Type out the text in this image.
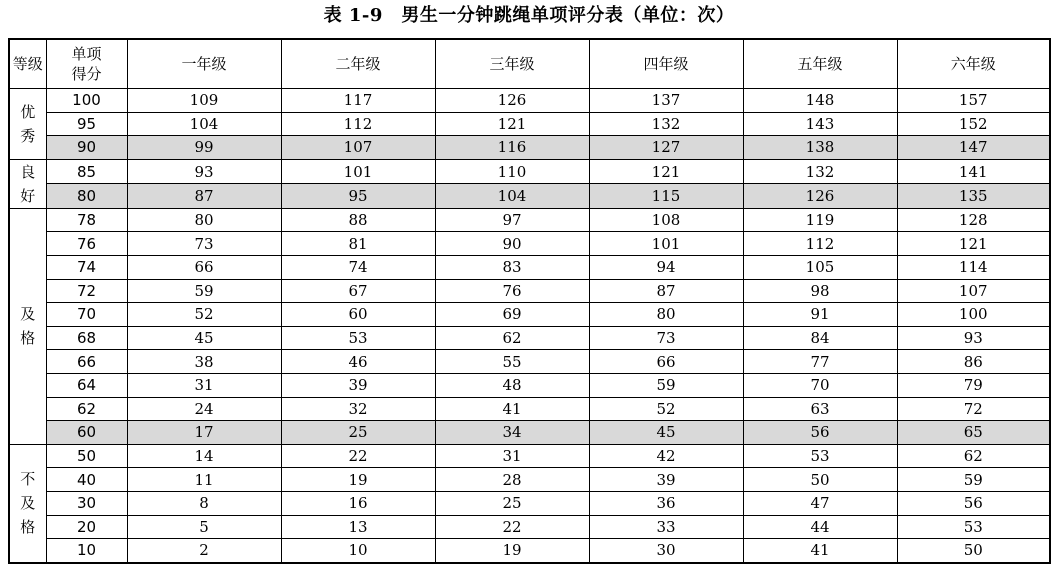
表 1-9　男生一分钟跳绳单项评分表（单位：次）
等级	单项
得分	一年级	二年级	三年级	四年级	五年级	六年级
优
秀	100	109	117	126	137	148	157
	95	104	112	121	132	143	152
	90	99	107	116	127	138	147
良
好	85	93	101	110	121	132	141
	80	87	95	104	115	126	135
及
格	78	80	88	97	108	119	128
	76	73	81	90	101	112	121
	74	66	74	83	94	105	114
	72	59	67	76	87	98	107
	70	52	60	69	80	91	100
	68	45	53	62	73	84	93
	66	38	46	55	66	77	86
	64	31	39	48	59	70	79
	62	24	32	41	52	63	72
	60	17	25	34	45	56	65
不
及
格	50	14	22	31	42	53	62
	40	11	19	28	39	50	59
	30	8	16	25	36	47	56
	20	5	13	22	33	44	53
	10	2	10	19	30	41	50
